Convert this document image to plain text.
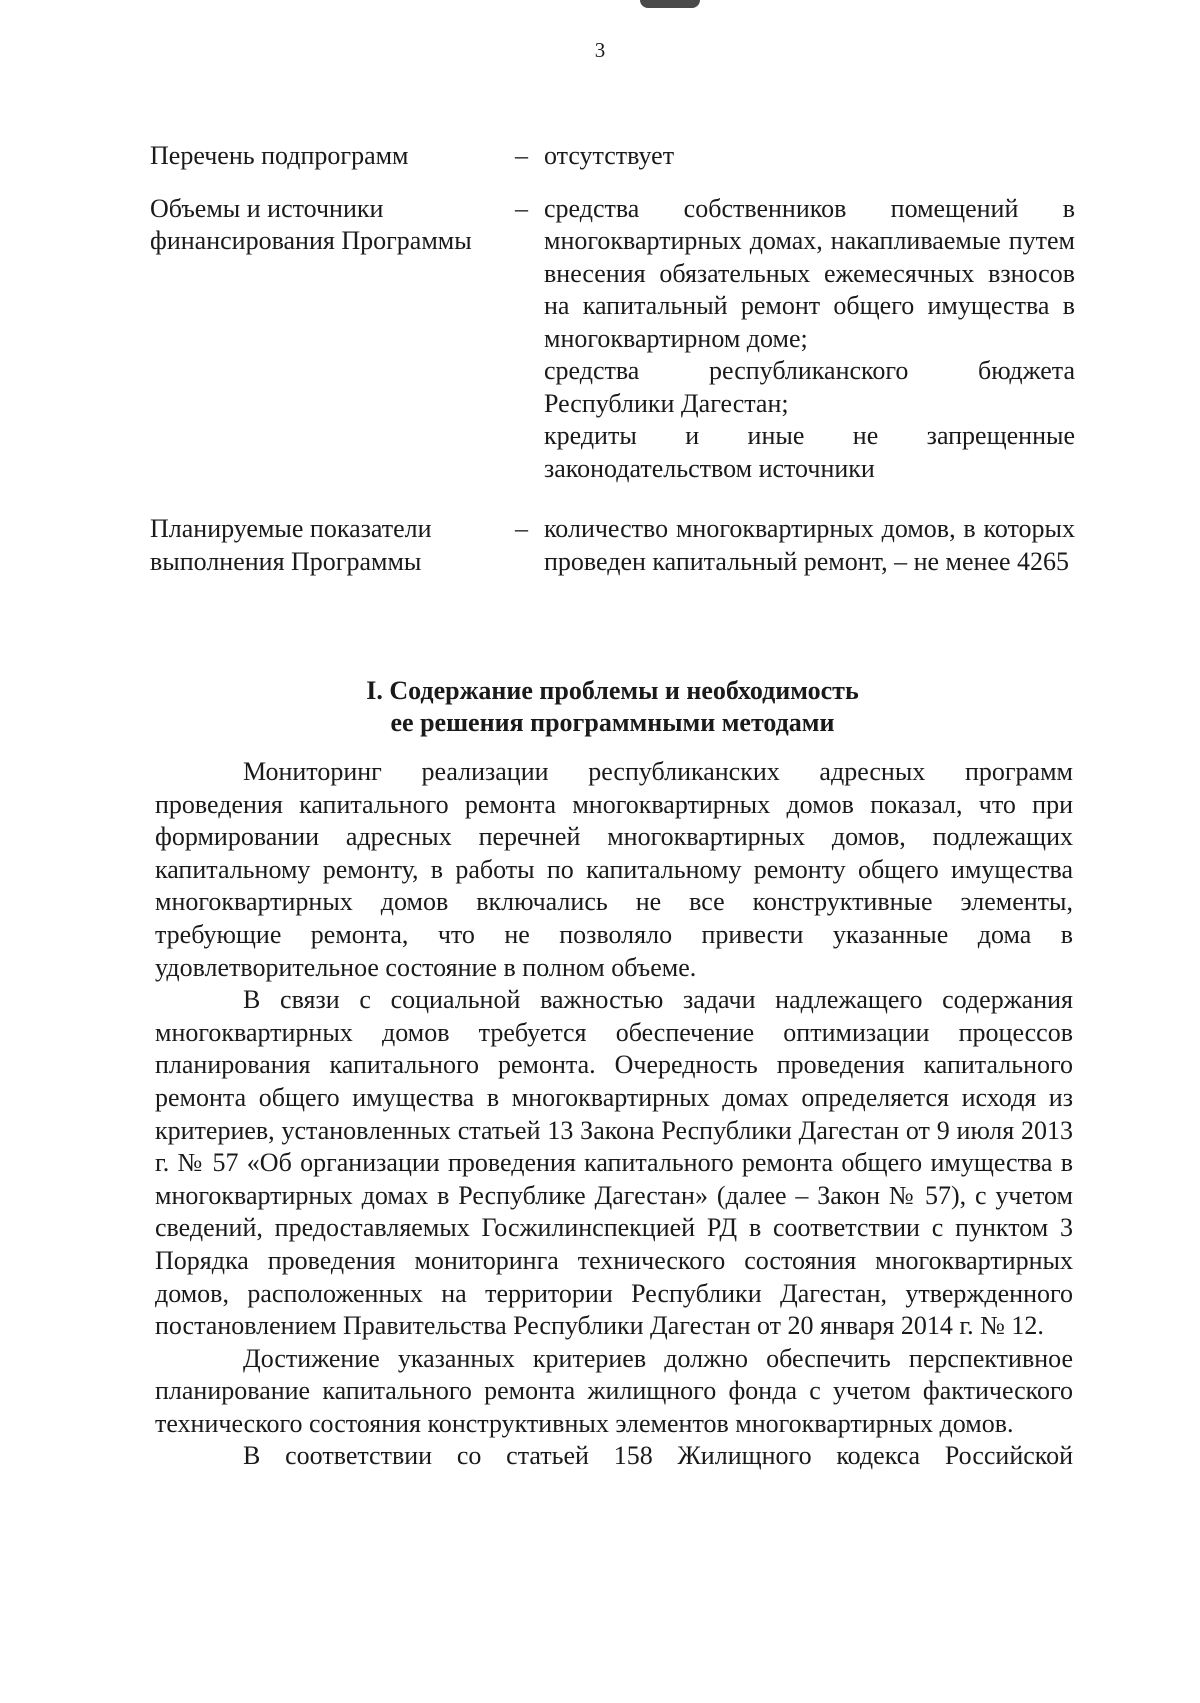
3
Перечень подпрограмм	– отсутствует

Объемы и источники финансирования Программы
– средства собственников помещений в многоквартирных домах, накапливаемые путем внесения обязательных ежемесячных взносов на капитальный ремонт общего имущества в многоквартирном доме;

средства республиканского бюджета Республики Дагестан;

кредиты и иные не запрещенные законодательством источники

Планируемые показатели выполнения Программы
– количество многоквартирных домов, в которых проведен капитальный ремонт, – не менее 4265

I. Содержание проблемы и необходимость
ее решения программными методами

Мониторинг реализации республиканских адресных программ проведения капитального ремонта многоквартирных домов показал, что при формировании адресных перечней многоквартирных домов, подлежащих капитальному ремонту, в работы по капитальному ремонту общего имущества многоквартирных домов включались не все конструктивные элементы, требующие ремонта, что не позволяло привести указанные дома в удовлетворительное состояние в полном объеме.

В связи с социальной важностью задачи надлежащего содержания многоквартирных домов требуется обеспечение оптимизации процессов планирования капитального ремонта. Очередность проведения капитального ремонта общего имущества в многоквартирных домах определяется исходя из критериев, установленных статьей 13 Закона Республики Дагестан от 9 июля 2013 г. № 57 «Об организации проведения капитального ремонта общего имущества в многоквартирных домах в Республике Дагестан» (далее – Закон № 57), с учетом сведений, предоставляемых Госжилинспекцией РД в соответствии с пунктом 3 Порядка проведения мониторинга технического состояния многоквартирных домов, расположенных на территории Республики Дагестан, утвержденного постановлением Правительства Республики Дагестан от 20 января 2014 г. № 12.

Достижение указанных критериев должно обеспечить перспективное планирование капитального ремонта жилищного фонда с учетом фактического технического состояния конструктивных элементов многоквартирных домов.

В соответствии со статьей 158 Жилищного кодекса Российской
